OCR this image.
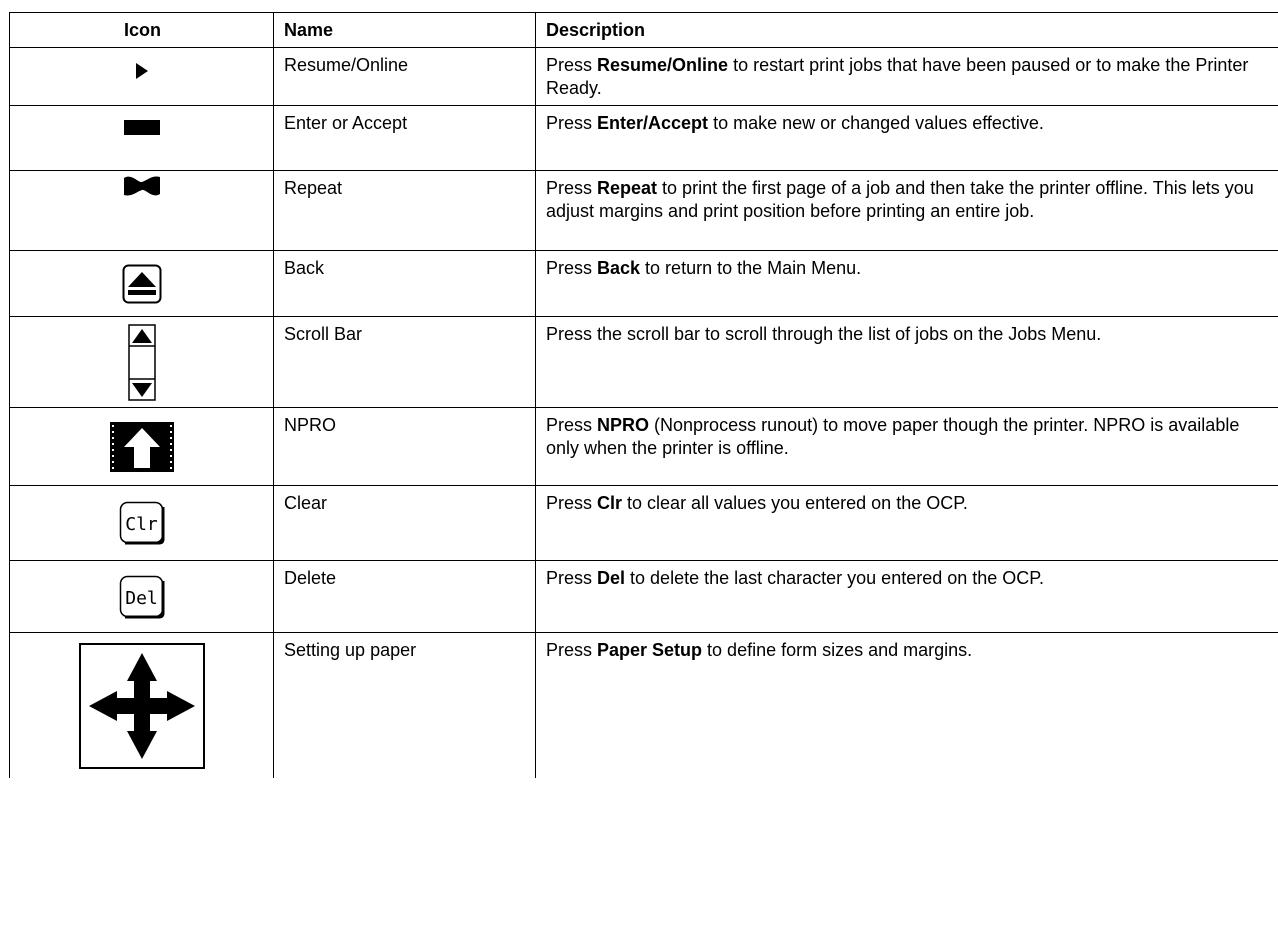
Icon	Name	Description

	Resume/Online	Press Resume/Online to restart print jobs that have been paused or to make the Printer Ready.

	Enter or Accept	Press Enter/Accept to make new or changed values effective.

	Repeat	Press Repeat to print the first page of a job and then take the printer offline. This lets you adjust margins and print position before printing an entire job.

	Back	Press Back to return to the Main Menu.

	Scroll Bar	Press the scroll bar to scroll through the list of jobs on the Jobs Menu.

	NPRO	Press NPRO (Nonprocess runout) to move paper though the printer. NPRO is available only when the printer is offline.

Clr	Clear	Press Clr to clear all values you entered on the OCP.

Del	Delete	Press Del to delete the last character you entered on the OCP.

	Setting up paper	Press Paper Setup to define form sizes and margins.
